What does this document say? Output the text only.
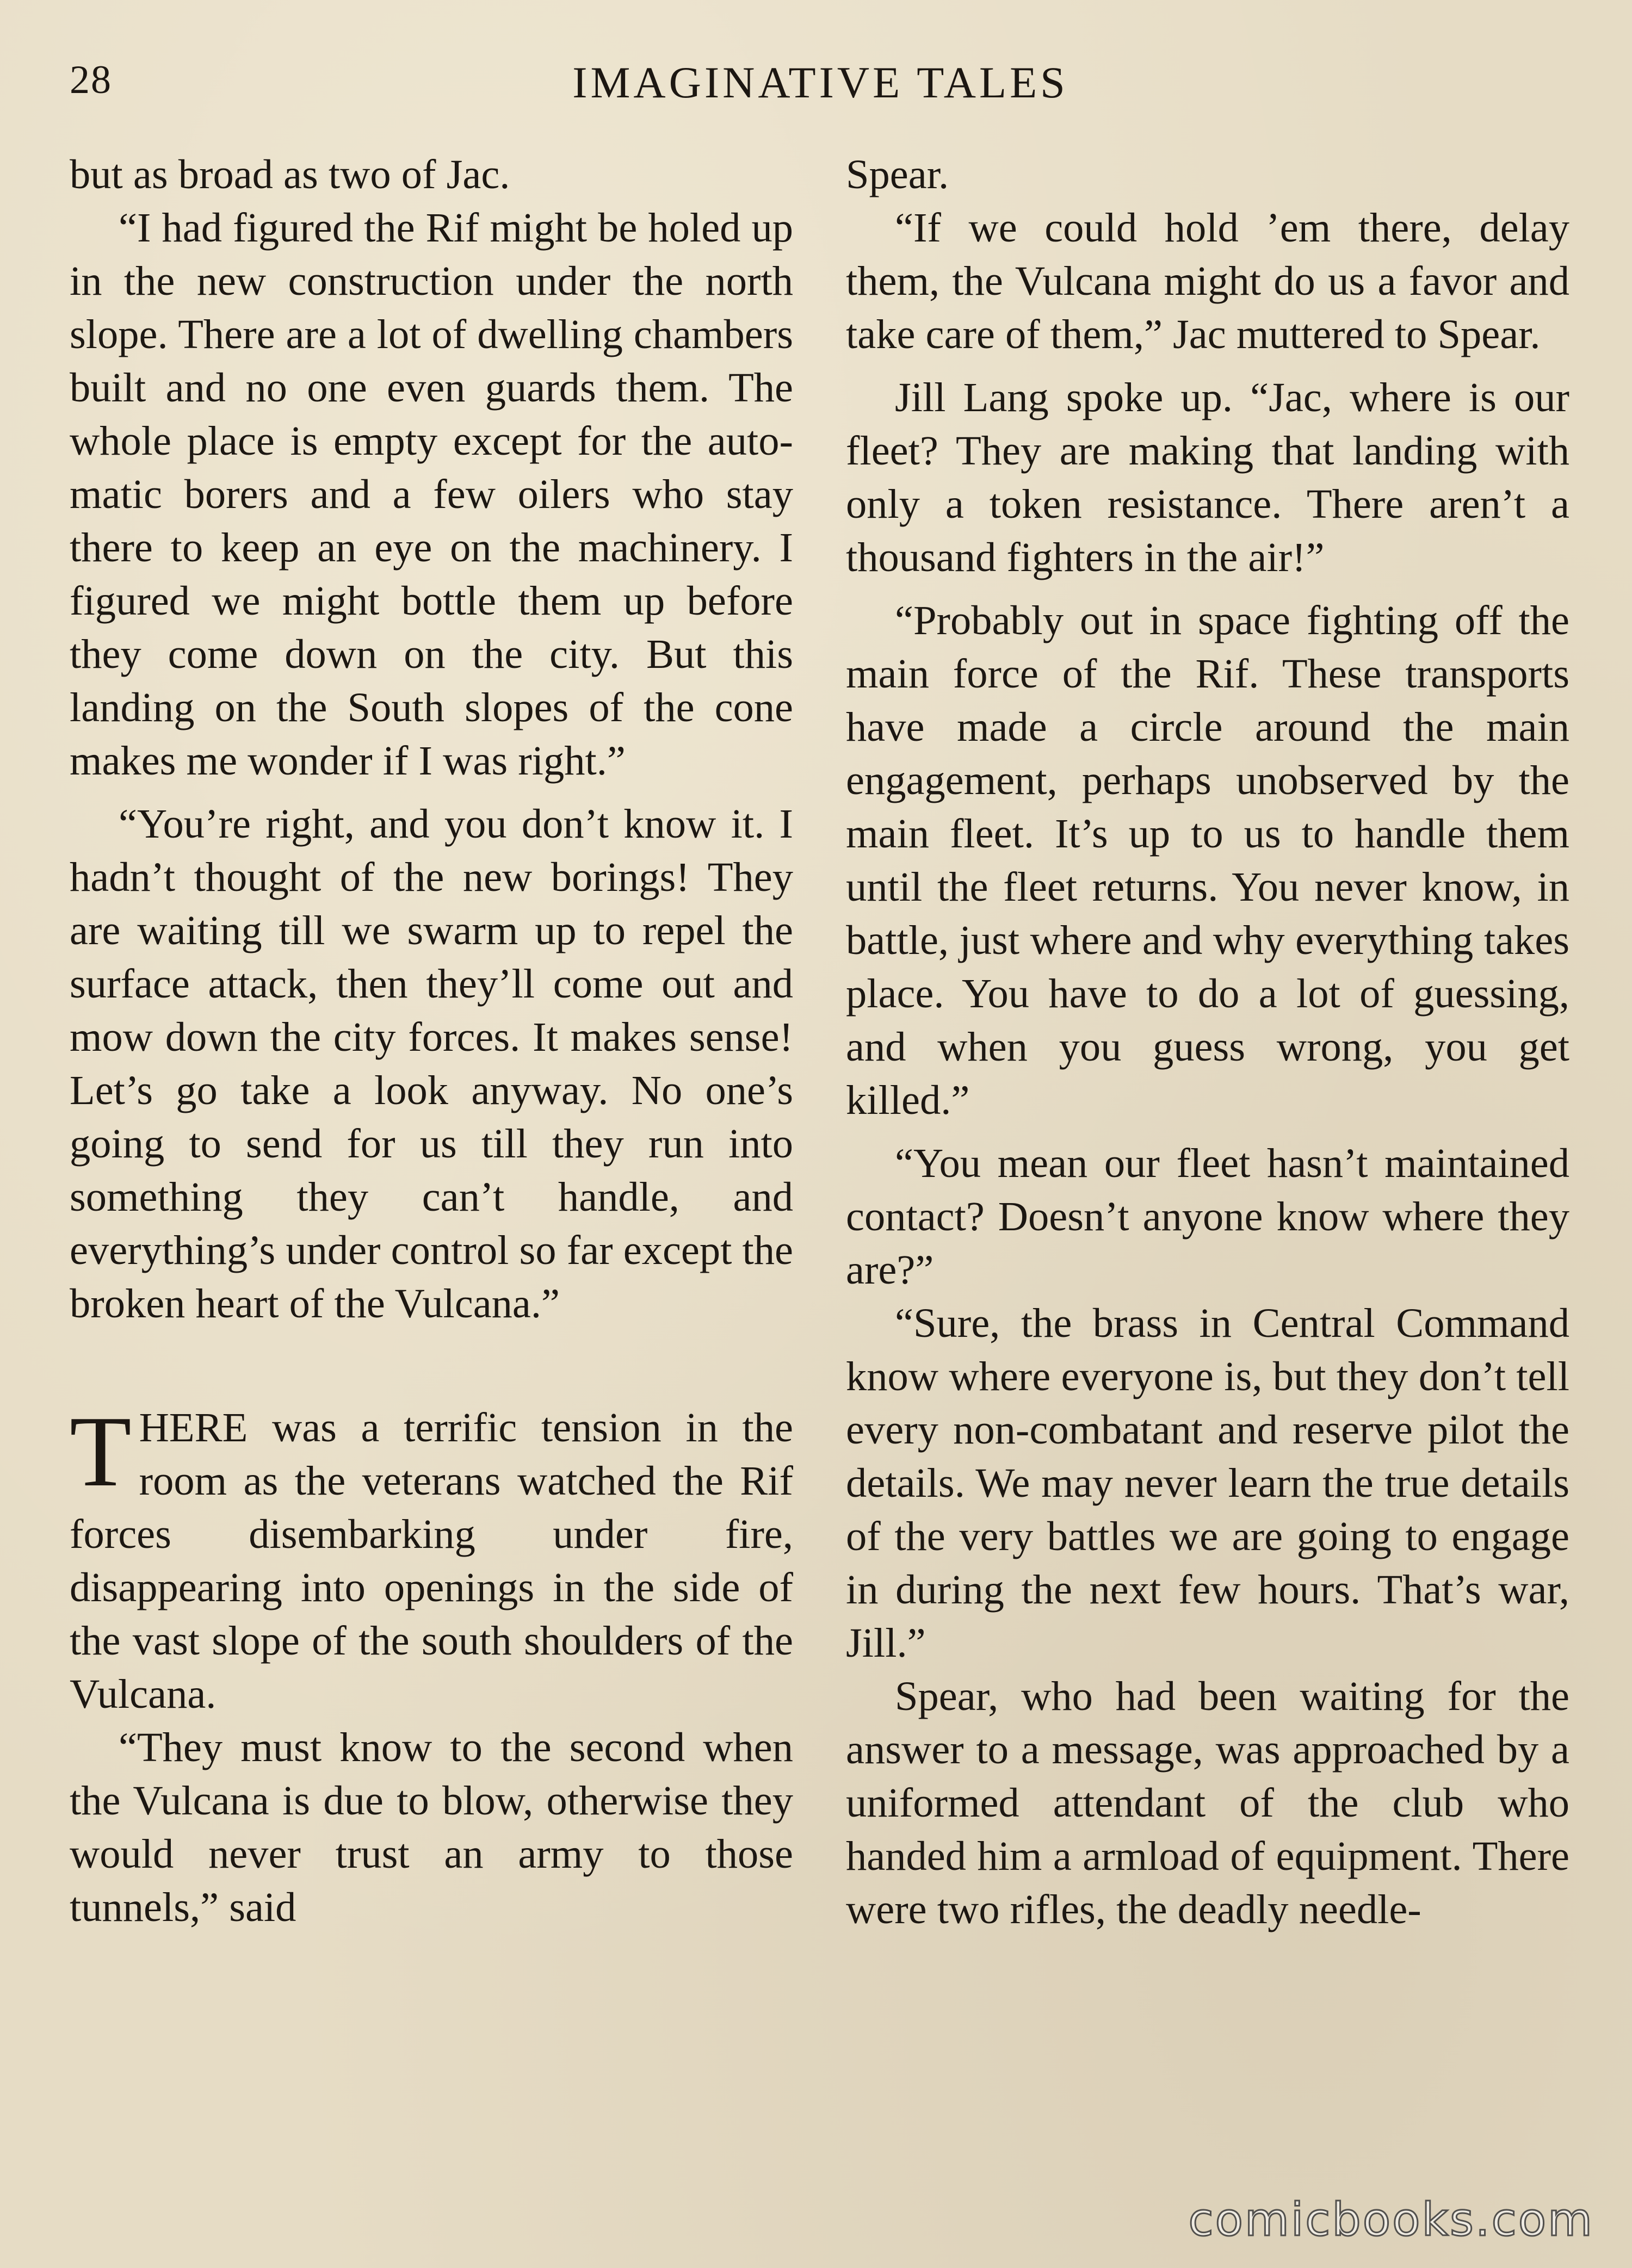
28	IMAGINATIVE TALES

but as broad as two of Jac.

“I had figured the Rif might be holed up in the new construction under the north slope. There are a lot of dwelling chambers built and no one even guards them. The whole place is empty except for the automatic borers and a few oilers who stay there to keep an eye on the machinery. I figured we might bottle them up before they come down on the city. But this landing on the South slopes of the cone makes me wonder if I was right.”

“You’re right, and you don’t know it. I hadn’t thought of the new borings! They are waiting till we swarm up to repel the surface attack, then they’ll come out and mow down the city forces. It makes sense! Let’s go take a look anyway. No one’s going to send for us till they run into something they can’t handle, and everything’s under control so far except the broken heart of the Vulcana.”

THERE was a terrific tension in the room as the veterans watched the Rif forces disembarking under fire, disappearing into openings in the side of the vast slope of the south shoulders of the Vulcana.

“They must know to the second when the Vulcana is due to blow, otherwise they would never trust an army to those tunnels,” said

Spear.

“If we could hold ’em there, delay them, the Vulcana might do us a favor and take care of them,” Jac muttered to Spear.

Jill Lang spoke up. “Jac, where is our fleet? They are making that landing with only a token resistance. There aren’t a thousand fighters in the air!”

“Probably out in space fighting off the main force of the Rif. These transports have made a circle around the main engagement, perhaps unobserved by the main fleet. It’s up to us to handle them until the fleet returns. You never know, in battle, just where and why everything takes place. You have to do a lot of guessing, and when you guess wrong, you get killed.”

“You mean our fleet hasn’t maintained contact? Doesn’t anyone know where they are?”

“Sure, the brass in Central Command know where everyone is, but they don’t tell every non-combatant and reserve pilot the details. We may never learn the true details of the very battles we are going to engage in during the next few hours. That’s war, Jill.”

Spear, who had been waiting for the answer to a message, was approached by a uniformed attendant of the club who handed him a armload of equipment. There were two rifles, the deadly needle-

comicbooks.com
